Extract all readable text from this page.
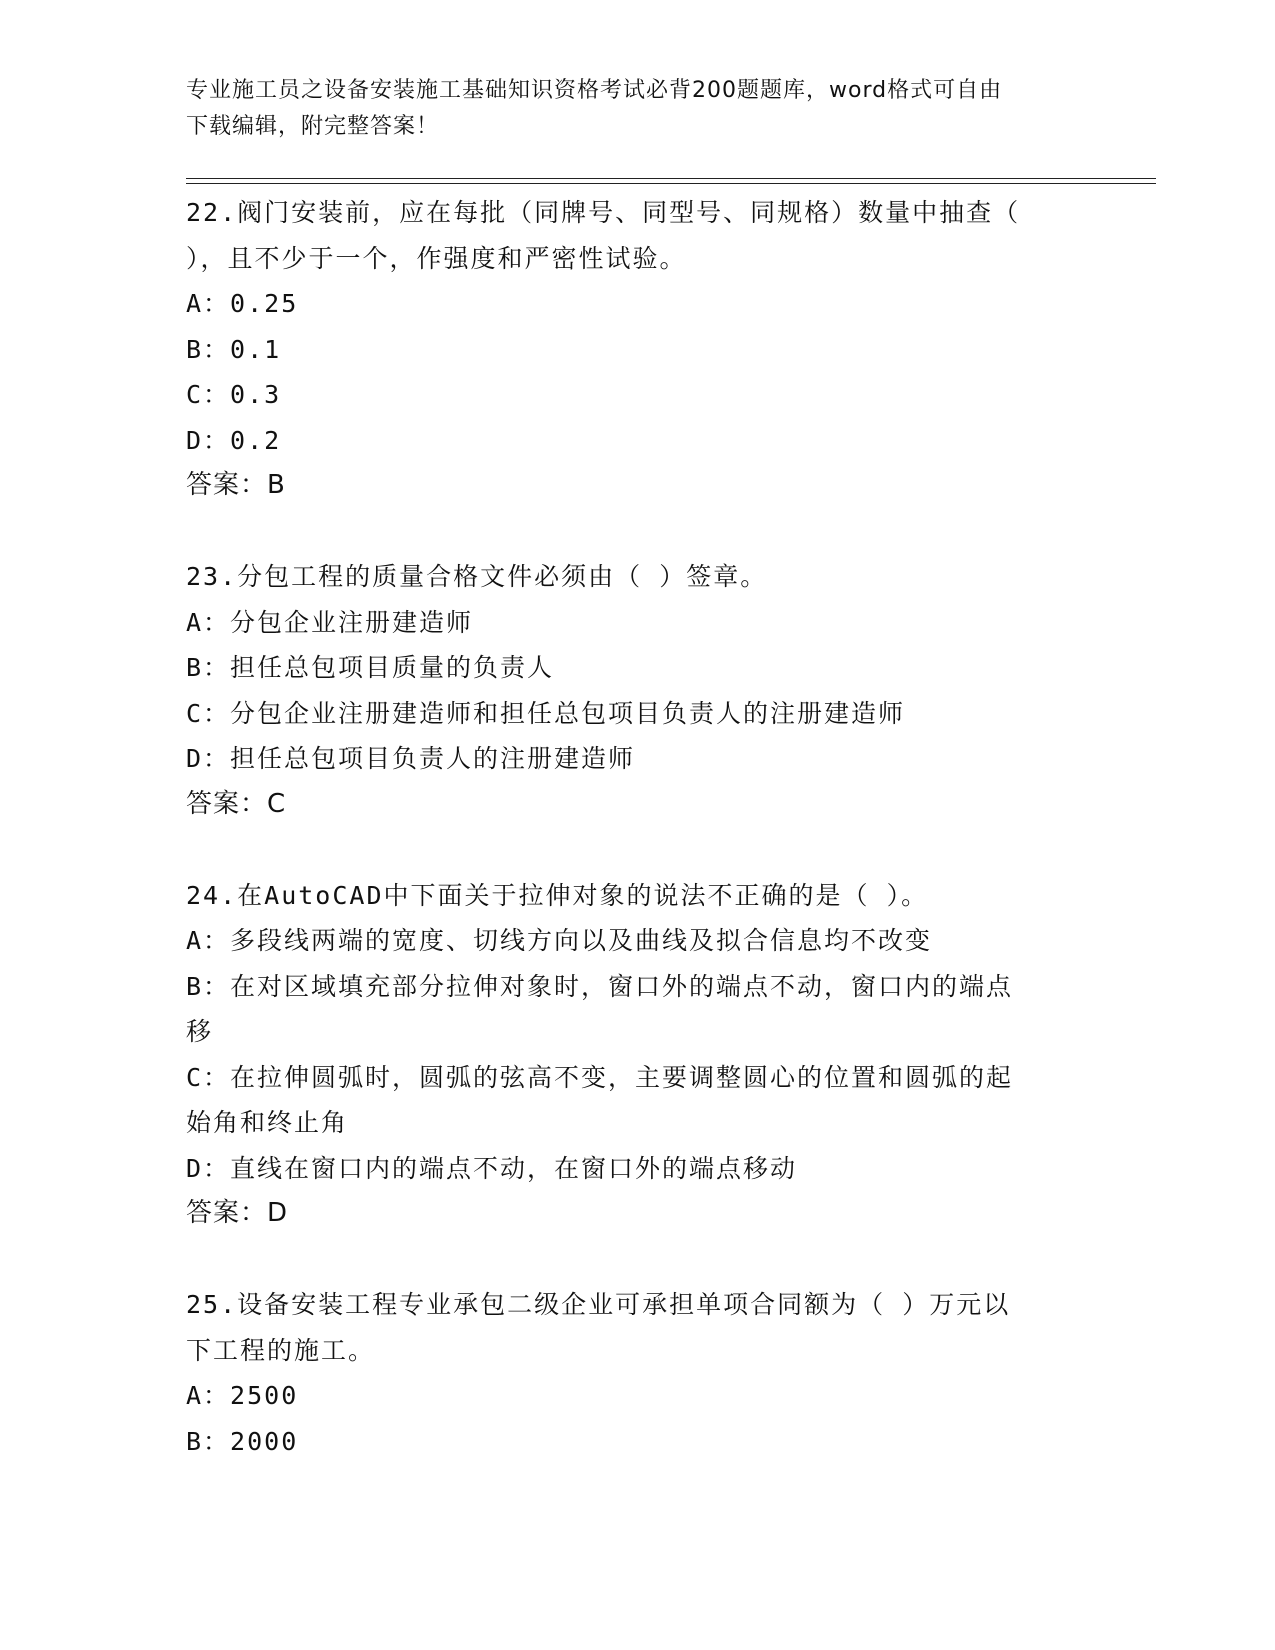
专业施工员之设备安装施工基础知识资格考试必背200题题库，word格式可自由
下载编辑，附完整答案！
22.阀门安装前，应在每批（同牌号、同型号、同规格）数量中抽查（
），且不少于一个，作强度和严密性试验。
A：0.25
B：0.1
C：0.3
D：0.2
答案：B
23.分包工程的质量合格文件必须由（ ）签章。
A：分包企业注册建造师
B：担任总包项目质量的负责人
C：分包企业注册建造师和担任总包项目负责人的注册建造师
D：担任总包项目负责人的注册建造师
答案：C
24.在AutoCAD中下面关于拉伸对象的说法不正确的是（ ）。
A：多段线两端的宽度、切线方向以及曲线及拟合信息均不改变
B：在对区域填充部分拉伸对象时，窗口外的端点不动，窗口内的端点
移
C：在拉伸圆弧时，圆弧的弦高不变，主要调整圆心的位置和圆弧的起
始角和终止角
D：直线在窗口内的端点不动，在窗口外的端点移动
答案：D
25.设备安装工程专业承包二级企业可承担单项合同额为（ ）万元以
下工程的施工。
A：2500
B：2000
